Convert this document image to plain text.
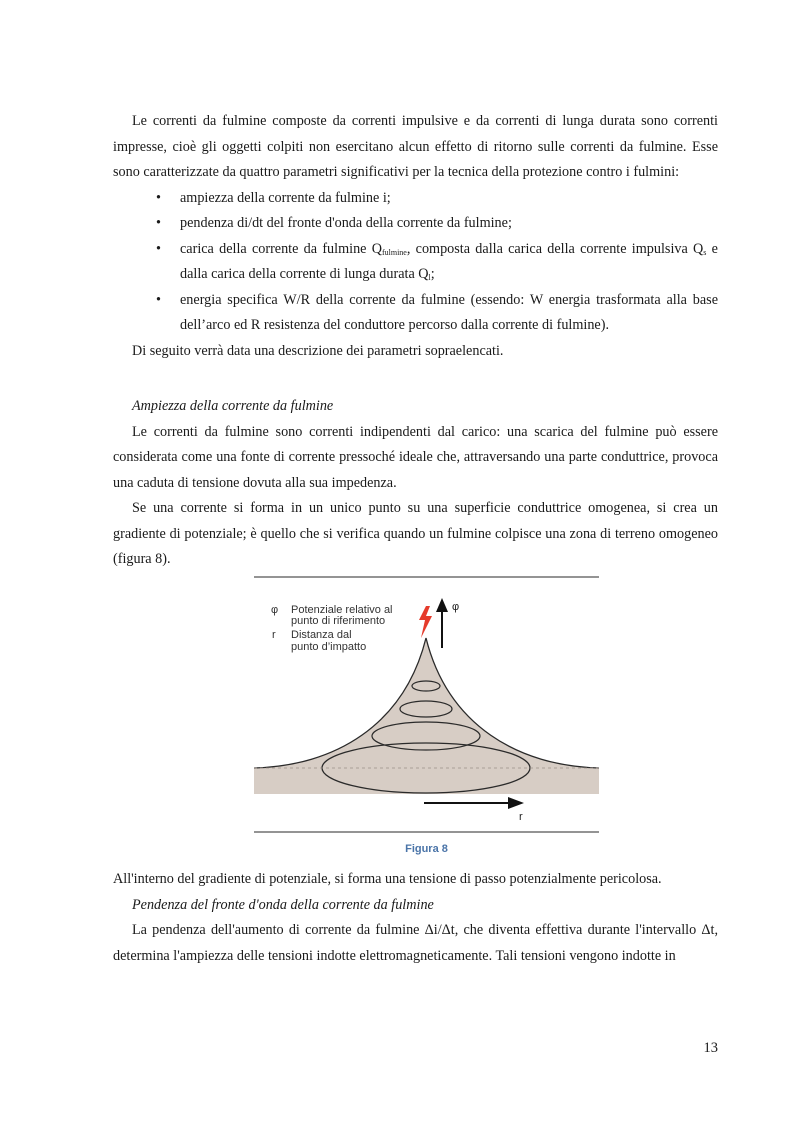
Le correnti da fulmine composte da correnti impulsive e da correnti di lunga durata sono correnti impresse, cioè gli oggetti colpiti non esercitano alcun effetto di ritorno sulle correnti da fulmine. Esse sono caratterizzate da quattro parametri significativi per la tecnica della protezione contro i fulmini:

• ampiezza della corrente da fulmine i;
• pendenza di/dt del fronte d'onda della corrente da fulmine;
• carica della corrente da fulmine $Q_{fulmine}$, composta dalla carica della corrente impulsiva $Q_s$ e dalla carica della corrente di lunga durata $Q_l$;
• energia specifica W/R della corrente da fulmine (essendo: W energia trasformata alla base dell’arco ed R resistenza del conduttore percorso dalla corrente di fulmine).

Di seguito verrà data una descrizione dei parametri sopraelencati.

Ampiezza della corrente da fulmine

Le correnti da fulmine sono correnti indipendenti dal carico: una scarica del fulmine può essere considerata come una fonte di corrente pressoché ideale che, attraversando una parte conduttrice, provoca una caduta di tensione dovuta alla sua impedenza.

Se una corrente si forma in un unico punto su una superficie conduttrice omogenea, si crea un gradiente di potenziale; è quello che si verifica quando un fulmine colpisce una zona di terreno omogeneo (figura 8).

φ
r
φ Potenziale relativo al
punto di riferimento
r Distanza dal
punto d’impatto
Figura 8

All'interno del gradiente di potenziale, si forma una tensione di passo potenzialmente pericolosa.

Pendenza del fronte d'onda della corrente da fulmine

La pendenza dell'aumento di corrente da fulmine Δi/Δt, che diventa effettiva durante l'intervallo Δt, determina l'ampiezza delle tensioni indotte elettromagneticamente. Tali tensioni vengono indotte in

13
